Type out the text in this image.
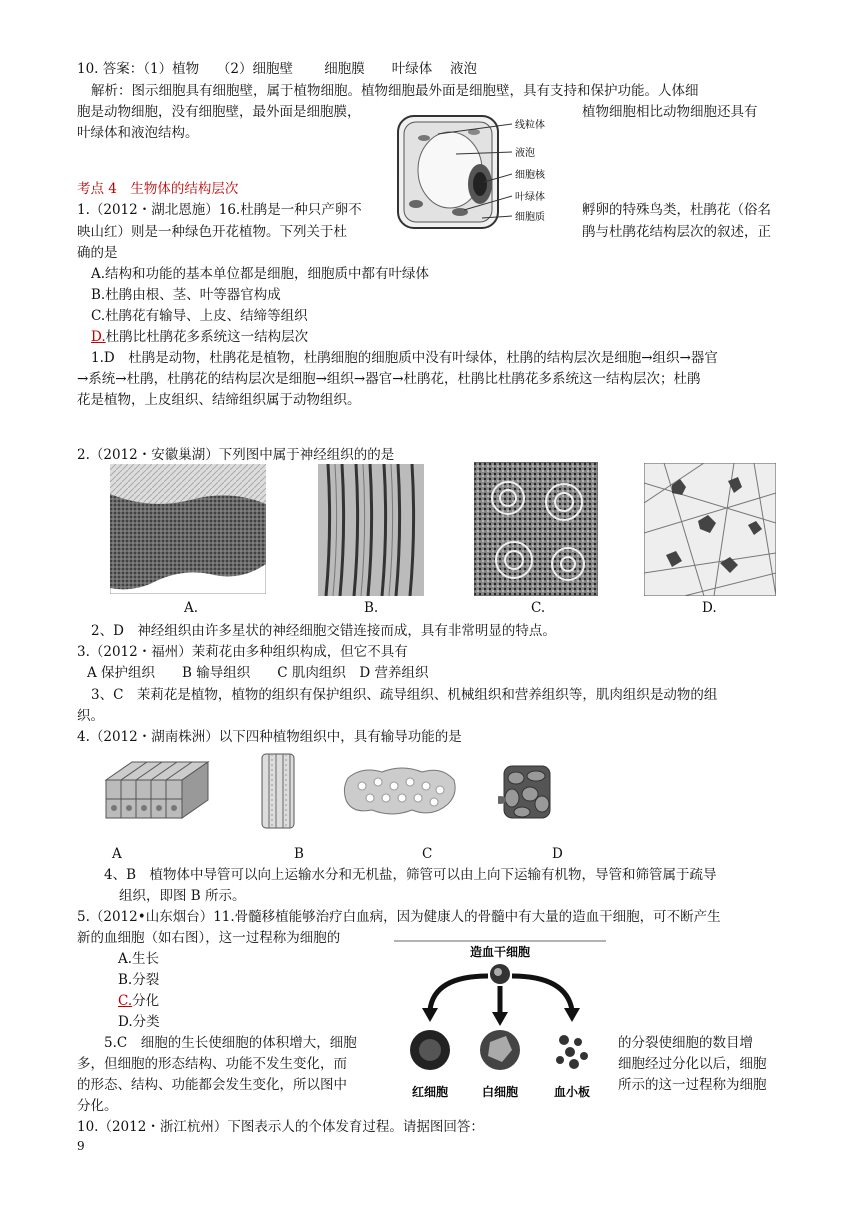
10. 答案：（1）植物　 （2）细胞壁　　 细胞膜　　叶绿体　 液泡
解析：图示细胞具有细胞壁，属于植物细胞。植物细胞最外面是细胞壁，具有支持和保护功能。人体细
胞是动物细胞，没有细胞壁，最外面是细胞膜，	植物细胞相比动物细胞还具有
叶绿体和液泡结构。	线粒体
液泡
细胞核
叶绿体
细胞质
考点 4　生物体的结构层次
1.（2012・湖北恩施）16.杜鹃是一种只产卵不	孵卵的特殊鸟类，杜鹃花（俗名
映山红）则是一种绿色开花植物。下列关于杜	鹃与杜鹃花结构层次的叙述，正
确的是
A.结构和功能的基本单位都是细胞，细胞质中都有叶绿体
B.杜鹃由根、茎、叶等器官构成
C.杜鹃花有输导、上皮、结缔等组织
D.杜鹃比杜鹃花多系统这一结构层次
1.D　杜鹃是动物，杜鹃花是植物，杜鹃细胞的细胞质中没有叶绿体，杜鹃的结构层次是细胞→组织→器官
→系统→杜鹃，杜鹃花的结构层次是细胞→组织→器官→杜鹃花，杜鹃比杜鹃花多系统这一结构层次；杜鹃
花是植物，上皮组织、结缔组织属于动物组织。
2.（2012・安徽巢湖）下列图中属于神经组织的的是
A.	B.	C.	D.
2、D　神经组织由许多星状的神经细胞交错连接而成，具有非常明显的特点。
3.（2012・福州）茉莉花由多种组织构成，但它不具有
A 保护组织　　B 输导组织　　C 肌肉组织　D 营养组织
3、C　茉莉花是植物，植物的组织有保护组织、疏导组织、机械组织和营养组织等，肌肉组织是动物的组
织。
4.（2012・湖南株洲）以下四种植物组织中，具有输导功能的是
A	B	C	D
4、B　植物体中导管可以向上运输水分和无机盐，筛管可以由上向下运输有机物，导管和筛管属于疏导
组织，即图 B 所示。
5.（2012•山东烟台）11.骨髓移植能够治疗白血病，因为健康人的骨髓中有大量的造血干细胞，可不断产生
新的血细胞（如右图），这一过程称为细胞的
A.生长
B.分裂
C.分化
D.分类
5.C　细胞的生长使细胞的体积增大，细胞	的分裂使细胞的数目增
多，但细胞的形态结构、功能不发生变化，而	细胞经过分化以后，细胞
的形态、结构、功能都会发生变化，所以图中	所示的这一过程称为细胞
分化。
造血干细胞
红细胞	白细胞	血小板
10.（2012・浙江杭州）下图表示人的个体发育过程。请据图回答：
9
